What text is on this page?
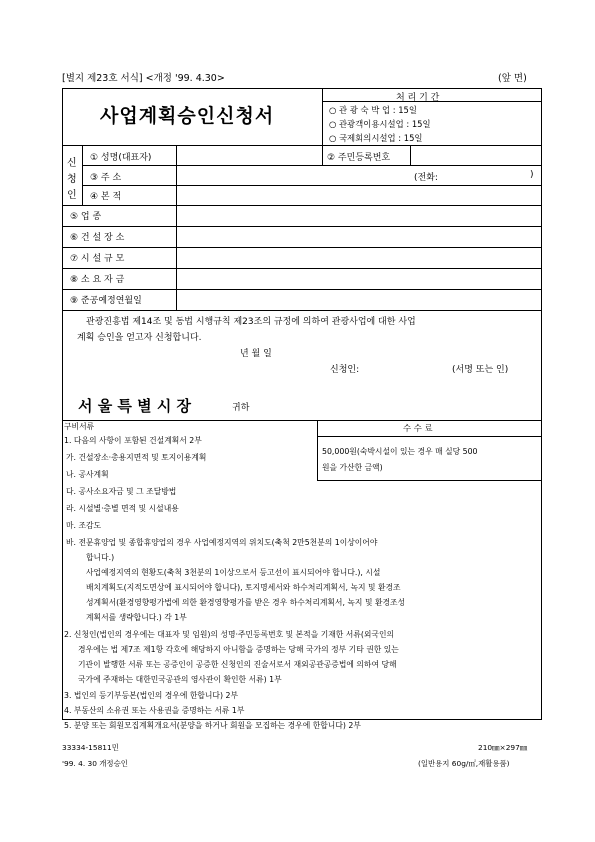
[별지 제23호 서식] <개정 '99. 4.30>	(앞 면)
사업계획승인신청서
처 리 기 간
○ 관 광 숙 박 업 : 15일
○ 관광객이용시설업 : 15일
○ 국제회의시설업 : 15일
신
청
인
① 성명(대표자)	② 주민등록번호
③ 주 소	(전화:	)
④ 본 적
⑤ 업 종
⑥ 건 설 장 소
⑦ 시 설 규 모
⑧ 소 요 자 금
⑨ 준공예정연월일
관광진흥법 제14조 및 동법 시행규칙 제23조의 규정에 의하여 관광사업에 대한 사업
계획 승인을 얻고자 신청합니다.
년 월 일
신청인:	(서명 또는 인)
서 울 특 별 시 장	귀하
수 수 료
50,000원(숙박시설이 있는 경우 매 실당 500
원을 가산한 금액)
구비서류
1. 다음의 사항이 포함된 건설계획서 2부
가. 건설장소·총용지면적 및 토지이용계획
나. 공사계획
다. 공사소요자금 및 그 조달방법
라. 시설별·층별 면적 및 시설내용
마. 조감도
바. 전문휴양업 및 종합휴양업의 경우 사업예정지역의 위치도(축척 2만5천분의 1이상이어야
합니다.)
사업예정지역의 현황도(축척 3천분의 1이상으로서 등고선이 표시되어야 합니다.), 시설
배치계획도(지적도면상에 표시되어야 합니다), 토지명세서와 하수처리계획서, 녹지 및 환경조
성계획서(환경영향평가법에 의한 환경영향평가를 받은 경우 하수처리계획서, 녹지 및 환경조성
계획서를 생략합니다.) 각 1부
2. 신청인(법인의 경우에는 대표자 및 임원)의 성명·주민등록번호 및 본적을 기재한 서류(외국인의
경우에는 법 제7조 제1항 각호에 해당하지 아니함을 증명하는 당해 국가의 정부 기타 권한 있는
기관이 발행한 서류 또는 공증인이 공증한 신청인의 진술서로서 재외공관공증법에 의하여 당해
국가에 주재하는 대한민국공관의 영사관이 확인한 서류) 1부
3. 법인의 등기부등본(법인의 경우에 한합니다) 2부
4. 부동산의 소유권 또는 사용권을 증명하는 서류 1부
5. 분양 또는 회원모집계획개요서(분양을 하거나 회원을 모집하는 경우에 한합니다) 2부
33334-15811민
'99. 4. 30 개정승인
210㎜×297㎜
(일반용지 60g/㎡,재활용품)
